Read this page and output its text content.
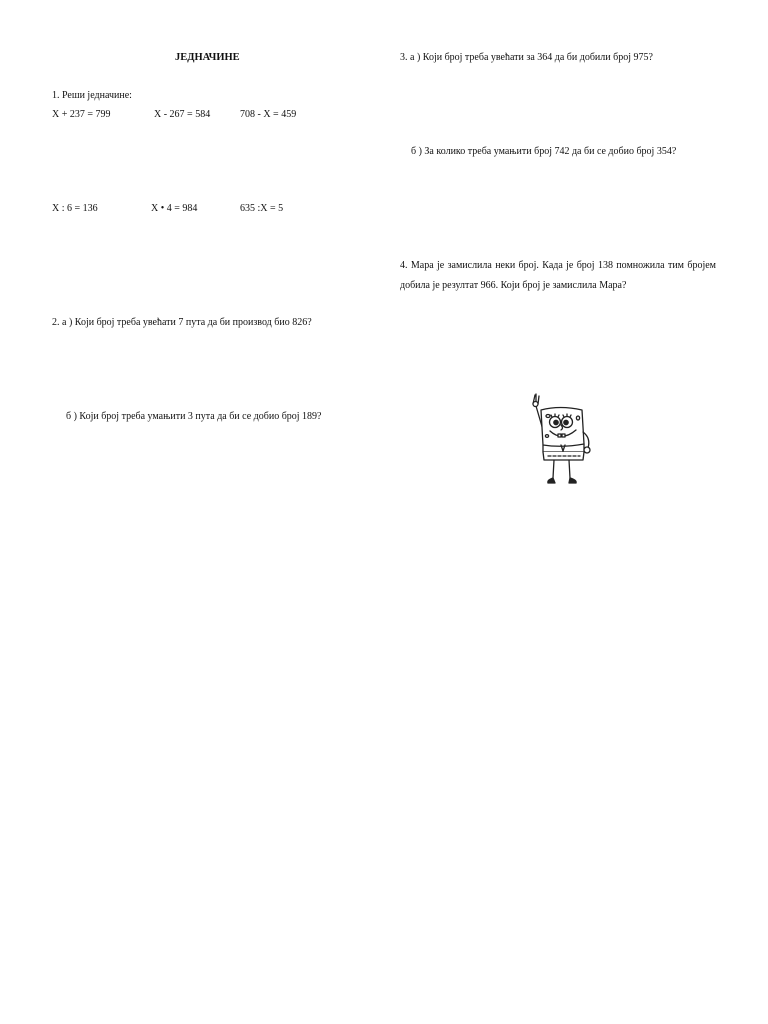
ЈЕДНАЧИНЕ
1. Реши једначине:
X + 237 = 799	X - 267 = 584	708 - X = 459
X : 6 = 136	X • 4 = 984	635 :X = 5
2. а ) Који број треба увећати 7 пута да би производ био 826?
б ) Који број треба умањити 3 пута да би се добио број 189?
3. а ) Који број треба увећати за 364 да би добили број 975?
б ) За колико треба умањити број 742 да би се добио број 354?
4. Мара је замислила неки број. Када је број 138 помножила тим бројем добила је резултат 966. Који број је замислила Мара?
